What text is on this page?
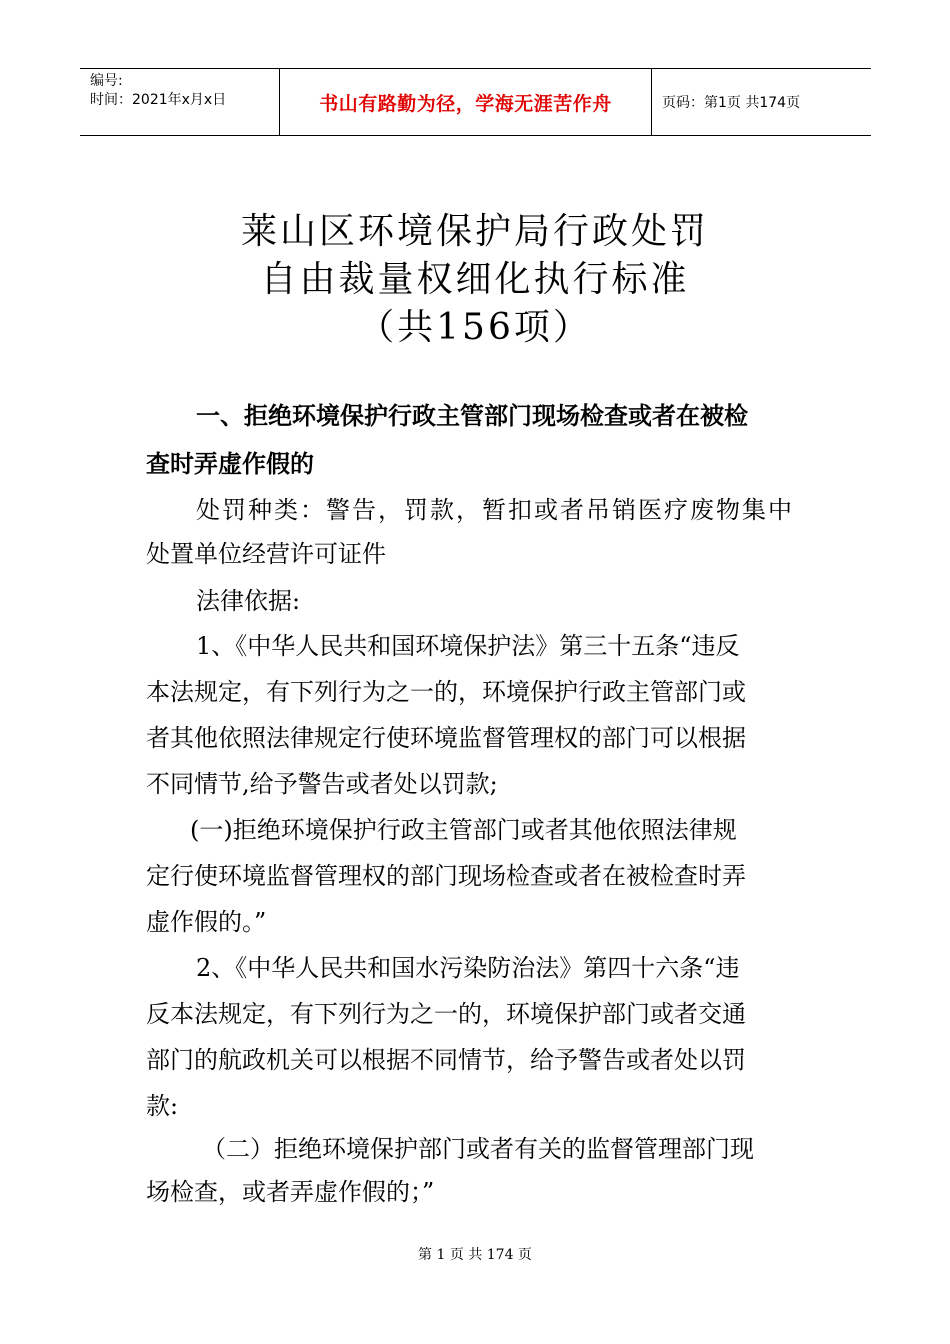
编号:
时间：2021年x月x日	书山有路勤为径，学海无涯苦作舟	页码：第1页 共174页
莱山区环境保护局行政处罚
自由裁量权细化执行标准
（共156项）
一、拒绝环境保护行政主管部门现场检查或者在被检
查时弄虚作假的
处罚种类：警告，罚款，暂扣或者吊销医疗废物集中
处置单位经营许可证件
法律依据:
1、《中华人民共和国环境保护法》第三十五条“违反
本法规定，有下列行为之一的，环境保护行政主管部门或
者其他依照法律规定行使环境监督管理权的部门可以根据
不同情节,给予警告或者处以罚款;
(一)拒绝环境保护行政主管部门或者其他依照法律规
定行使环境监督管理权的部门现场检查或者在被检查时弄
虚作假的。”
2、《中华人民共和国水污染防治法》第四十六条“违
反本法规定，有下列行为之一的，环境保护部门或者交通
部门的航政机关可以根据不同情节，给予警告或者处以罚
款:
（二）拒绝环境保护部门或者有关的监督管理部门现
场检查，或者弄虚作假的；”
第 1 页 共 174 页
